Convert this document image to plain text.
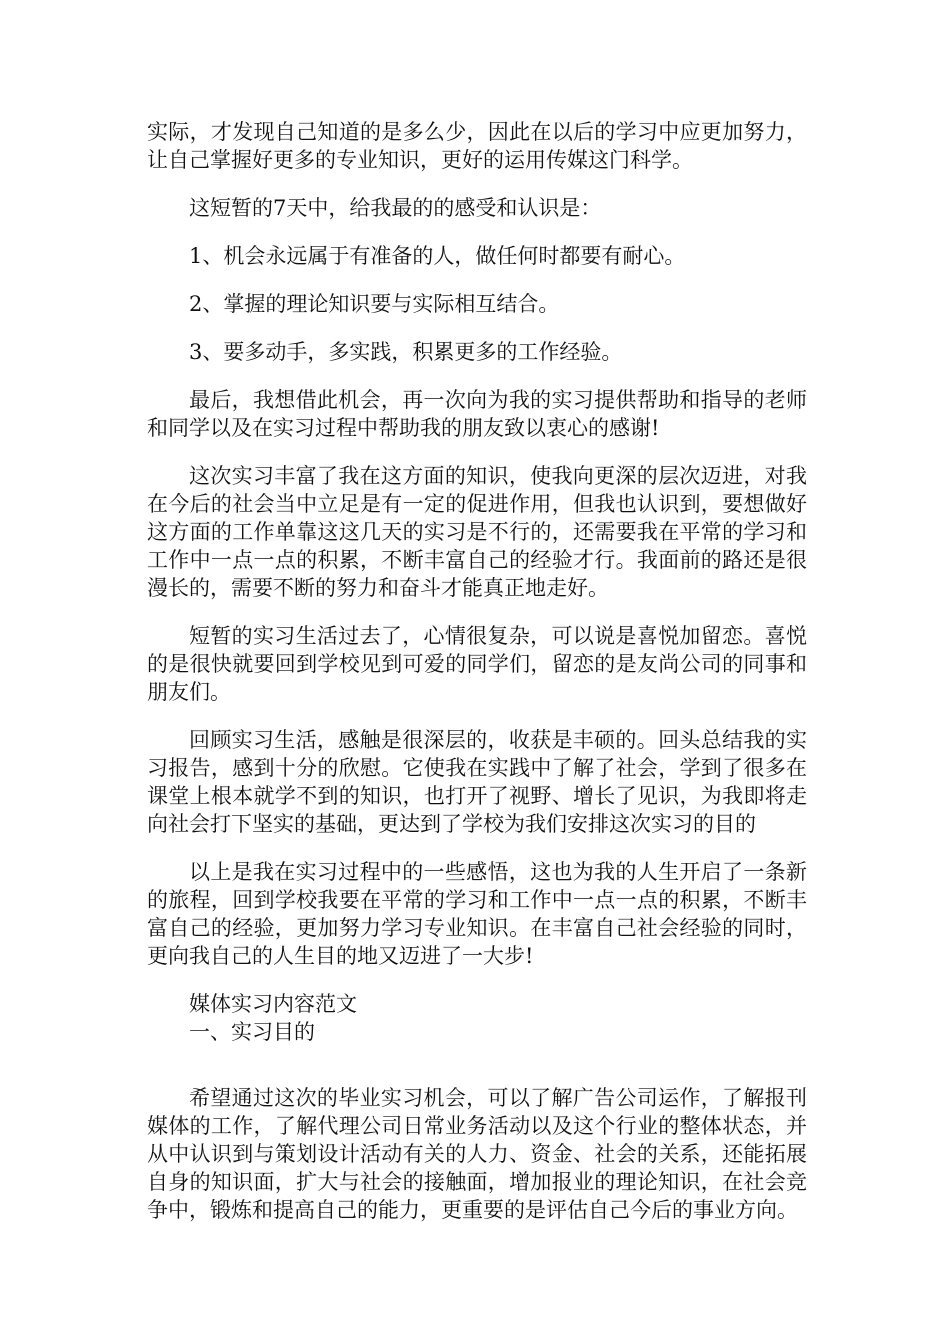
实际，才发现自己知道的是多么少，因此在以后的学习中应更加努力，让自己掌握好更多的专业知识，更好的运用传媒这门科学。

这短暂的7天中，给我最的的感受和认识是：

1、机会永远属于有准备的人，做任何时都要有耐心。

2、掌握的理论知识要与实际相互结合。

3、要多动手，多实践，积累更多的工作经验。

最后，我想借此机会，再一次向为我的实习提供帮助和指导的老师和同学以及在实习过程中帮助我的朋友致以衷心的感谢!

这次实习丰富了我在这方面的知识，使我向更深的层次迈进，对我在今后的社会当中立足是有一定的促进作用，但我也认识到，要想做好这方面的工作单靠这这几天的实习是不行的，还需要我在平常的学习和工作中一点一点的积累，不断丰富自己的经验才行。我面前的路还是很漫长的，需要不断的努力和奋斗才能真正地走好。

短暂的实习生活过去了，心情很复杂，可以说是喜悦加留恋。喜悦的是很快就要回到学校见到可爱的同学们，留恋的是友尚公司的同事和朋友们。

回顾实习生活，感触是很深层的，收获是丰硕的。回头总结我的实习报告，感到十分的欣慰。它使我在实践中了解了社会，学到了很多在课堂上根本就学不到的知识，也打开了视野、增长了见识，为我即将走向社会打下坚实的基础，更达到了学校为我们安排这次实习的目的

以上是我在实习过程中的一些感悟，这也为我的人生开启了一条新的旅程，回到学校我要在平常的学习和工作中一点一点的积累，不断丰富自己的经验，更加努力学习专业知识。在丰富自己社会经验的同时，更向我自己的人生目的地又迈进了一大步!

媒体实习内容范文

一、实习目的

希望通过这次的毕业实习机会，可以了解广告公司运作，了解报刊媒体的工作，了解代理公司日常业务活动以及这个行业的整体状态，并从中认识到与策划设计活动有关的人力、资金、社会的关系，还能拓展自身的知识面，扩大与社会的接触面，增加报业的理论知识，在社会竞争中，锻炼和提高自己的能力，更重要的是评估自己今后的事业方向。
